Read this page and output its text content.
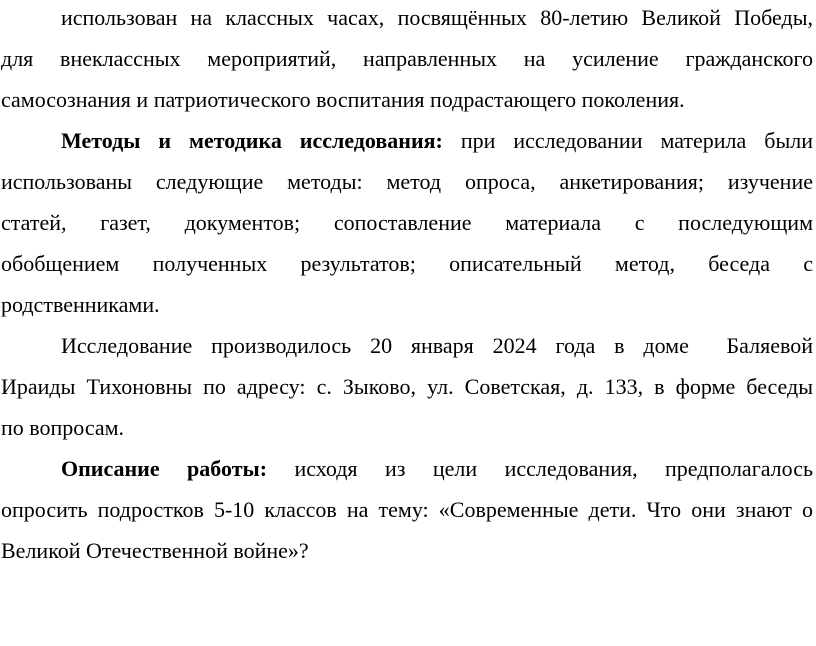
использован на классных часах, посвящённых 80-летию Великой Победы,
для внеклассных мероприятий, направленных на усиление гражданского
самосознания и патриотического воспитания подрастающего поколения.
Методы и методика исследования: при исследовании материла были
использованы следующие методы: метод опроса, анкетирования; изучение
статей, газет, документов; сопоставление материала с последующим
обобщением полученных результатов; описательный метод, беседа с
родственниками.
Исследование производилось 20 января 2024 года в доме  Баляевой
Ираиды Тихоновны по адресу: с. Зыково, ул. Советская, д. 133, в форме беседы
по вопросам.
Описание работы: исходя из цели исследования, предполагалось
опросить подростков 5-10 классов на тему: «Современные дети. Что они знают о
Великой Отечественной войне»?
